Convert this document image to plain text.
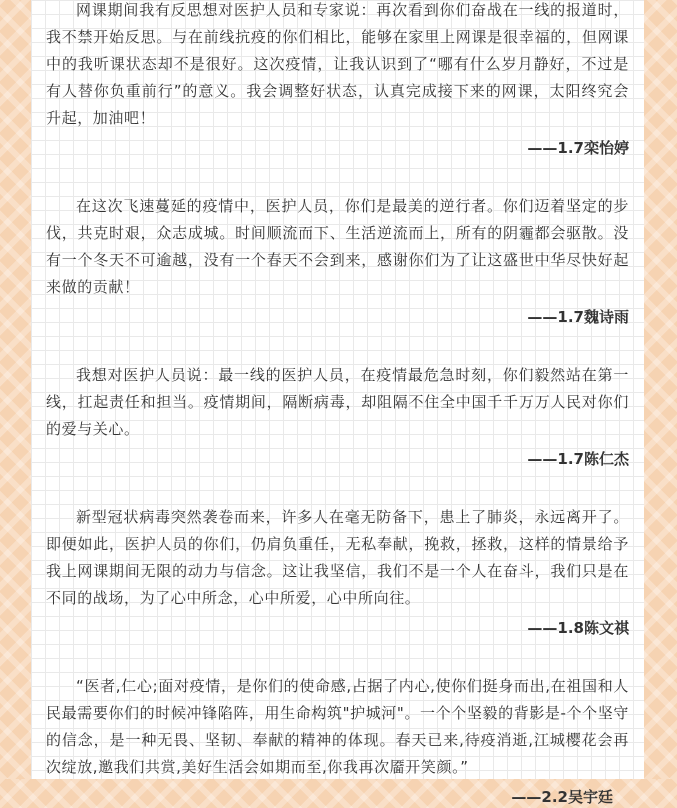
网课期间我有反思想对医护人员和专家说：再次看到你们奋战在一线的报道时，我不禁开始反思。与在前线抗疫的你们相比，能够在家里上网课是很幸福的，但网课中的我听课状态却不是很好。这次疫情，让我认识到了“哪有什么岁月静好，不过是有人替你负重前行”的意义。我会调整好状态，认真完成接下来的网课，太阳终究会升起，加油吧！

——1.7栾怡婷

在这次飞速蔓延的疫情中，医护人员，你们是最美的逆行者。你们迈着坚定的步伐，共克时艰，众志成城。时间顺流而下、生活逆流而上，所有的阴霾都会驱散。没有一个冬天不可逾越，没有一个春天不会到来，感谢你们为了让这盛世中华尽快好起来做的贡献！

——1.7魏诗雨

我想对医护人员说：最一线的医护人员，在疫情最危急时刻，你们毅然站在第一线，扛起责任和担当。疫情期间，隔断病毒，却阻隔不住全中国千千万万人民对你们的爱与关心。

——1.7陈仁杰

新型冠状病毒突然袭卷而来，许多人在毫无防备下，患上了肺炎，永远离开了。即便如此，医护人员的你们，仍肩负重任，无私奉献，挽救，拯救，这样的情景给予我上网课期间无限的动力与信念。这让我坚信，我们不是一个人在奋斗，我们只是在不同的战场，为了心中所念，心中所爱，心中所向往。

——1.8陈文祺

“医者,仁心;面对疫情，是你们的使命感,占据了内心,使你们挺身而出,在祖国和人民最需要你们的时候冲锋陷阵，用生命构筑"护城河"。一个个坚毅的背影是-个个坚守的信念，是一种无畏、坚韧、奉献的精神的体现。春天已来,待疫消逝,江城樱花会再次绽放,邀我们共赏,美好生活会如期而至,你我再次靥开笑颜。”

——2.2吴宇廷
